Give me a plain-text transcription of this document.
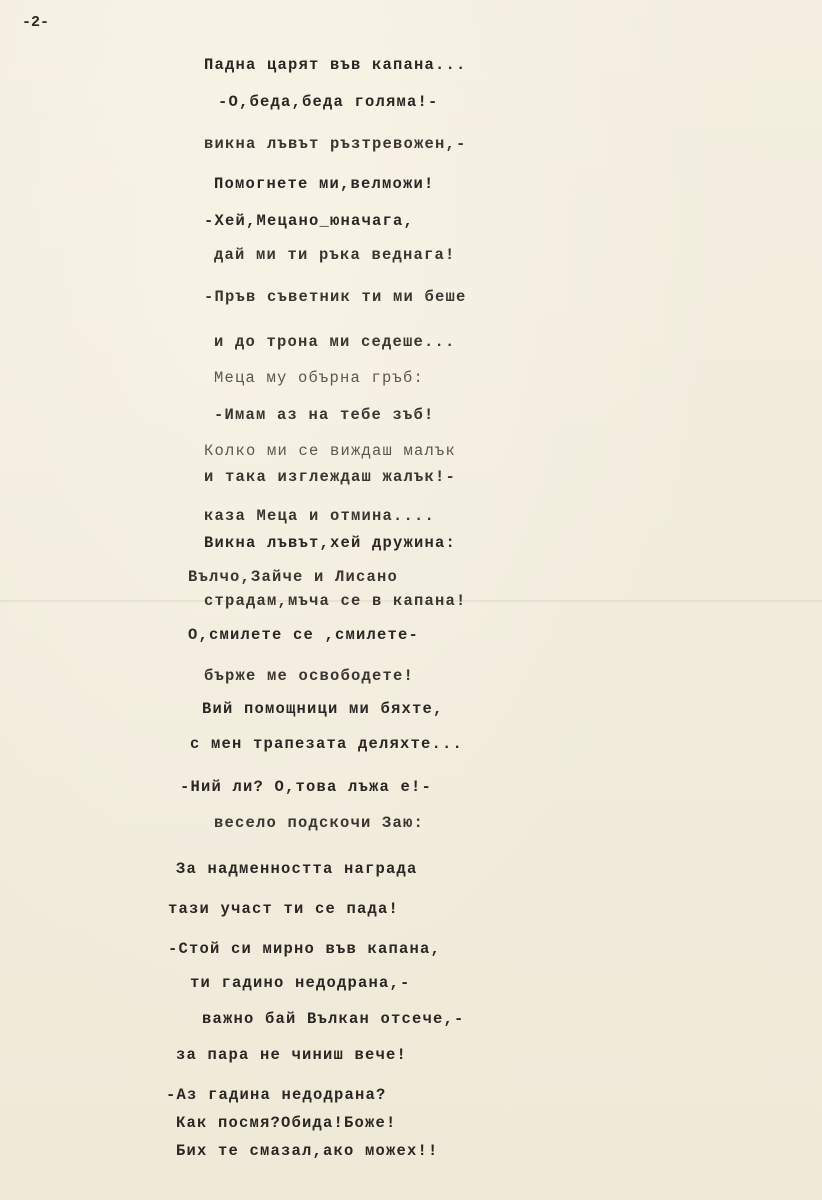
-2-
Падна царят във капана...
-О,беда,беда голяма!-
викна лъвът ръзтревожен,-
Помогнете ми,велможи!
-Хей,Мецано_юначага,
дай ми ти ръка веднага!
-Пръв съветник ти ми беше
и до трона ми седеше...
Меца му обърна гръб:
-Имам аз на тебе зъб!
Колко ми се виждаш малък
и така изглеждаш жалък!-
каза Меца и отмина....
Викна лъвът,хей дружина:
Вълчо,Зайче и Лисано
страдам,мъча се в капана!
О,смилете се ,смилете-
бърже ме освободете!
Вий помощници ми бяхте,
с мен трапезата деляхте...
-Ний ли? О,това лъжа е!-
весело подскочи Заю:
За надменността награда
тази участ ти се пада!
-Стой си мирно във капана,
ти гадино недодрана,-
важно бай Вълкан отсече,-
за пара не чиниш вече!
-Аз гадина недодрана?
Как посмя?Обида!Боже!
Бих те смазал,ако можех!!
